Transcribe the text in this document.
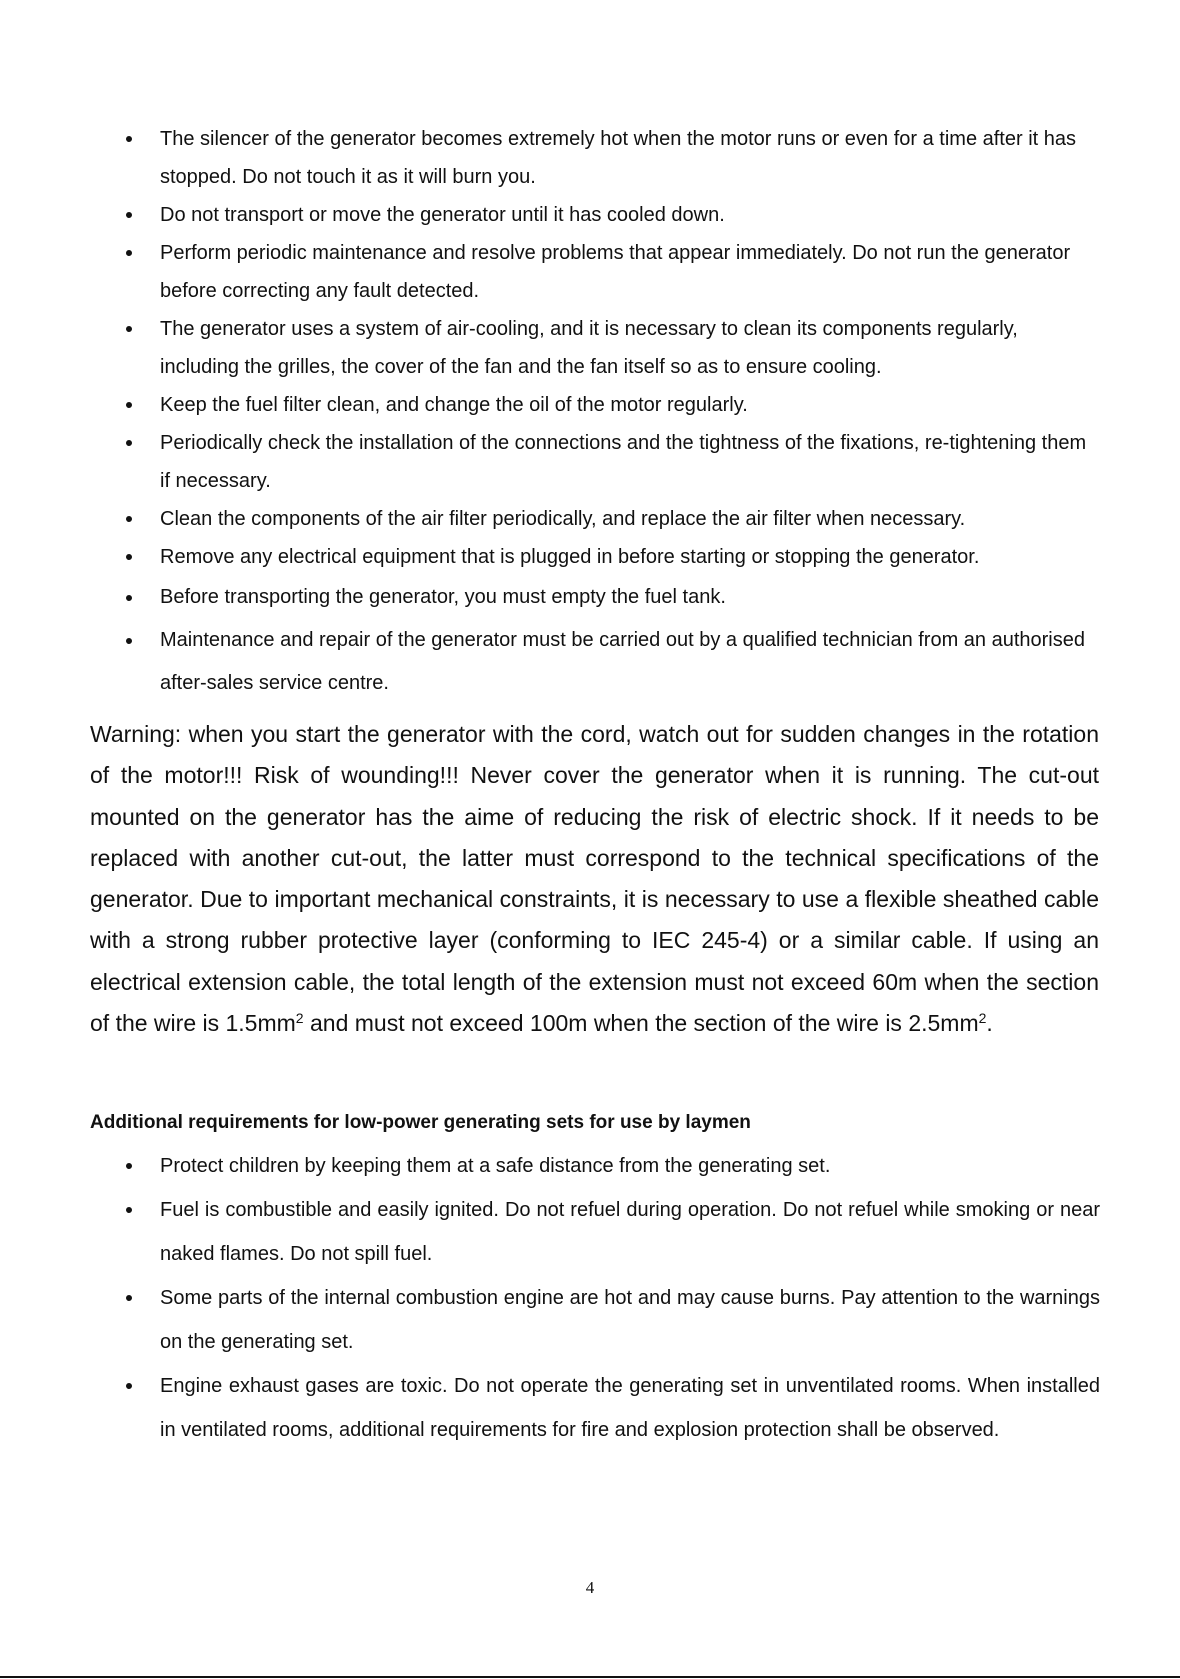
The silencer of the generator becomes extremely hot when the motor runs or even for a time after it has stopped. Do not touch it as it will burn you.
Do not transport or move the generator until it has cooled down.
Perform periodic maintenance and resolve problems that appear immediately. Do not run the generator before correcting any fault detected.
The generator uses a system of air-cooling, and it is necessary to clean its components regularly, including the grilles, the cover of the fan and the fan itself so as to ensure cooling.
Keep the fuel filter clean, and change the oil of the motor regularly.
Periodically check the installation of the connections and the tightness of the fixations, re-tightening them if necessary.
Clean the components of the air filter periodically, and replace the air filter when necessary.
Remove any electrical equipment that is plugged in before starting or stopping the generator.
Before transporting the generator, you must empty the fuel tank.
Maintenance and repair of the generator must be carried out by a qualified technician from an authorised after-sales service centre.

Warning: when you start the generator with the cord, watch out for sudden changes in the rotation of the motor!!! Risk of wounding!!! Never cover the generator when it is running. The cut-out mounted on the generator has the aime of reducing the risk of electric shock. If it needs to be replaced with another cut-out, the latter must correspond to the technical specifications of the generator. Due to important mechanical constraints, it is necessary to use a flexible sheathed cable with a strong rubber protective layer (conforming to IEC 245-4) or a similar cable. If using an electrical extension cable, the total length of the extension must not exceed 60m when the section of the wire is $1.5mm^2$ and must not exceed 100m when the section of the wire is $2.5mm^2$.

Additional requirements for low-power generating sets for use by laymen
Protect children by keeping them at a safe distance from the generating set.
Fuel is combustible and easily ignited. Do not refuel during operation. Do not refuel while smoking or near naked flames. Do not spill fuel.
Some parts of the internal combustion engine are hot and may cause burns. Pay attention to the warnings on the generating set.
Engine exhaust gases are toxic. Do not operate the generating set in unventilated rooms. When installed in ventilated rooms, additional requirements for fire and explosion protection shall be observed.
4
